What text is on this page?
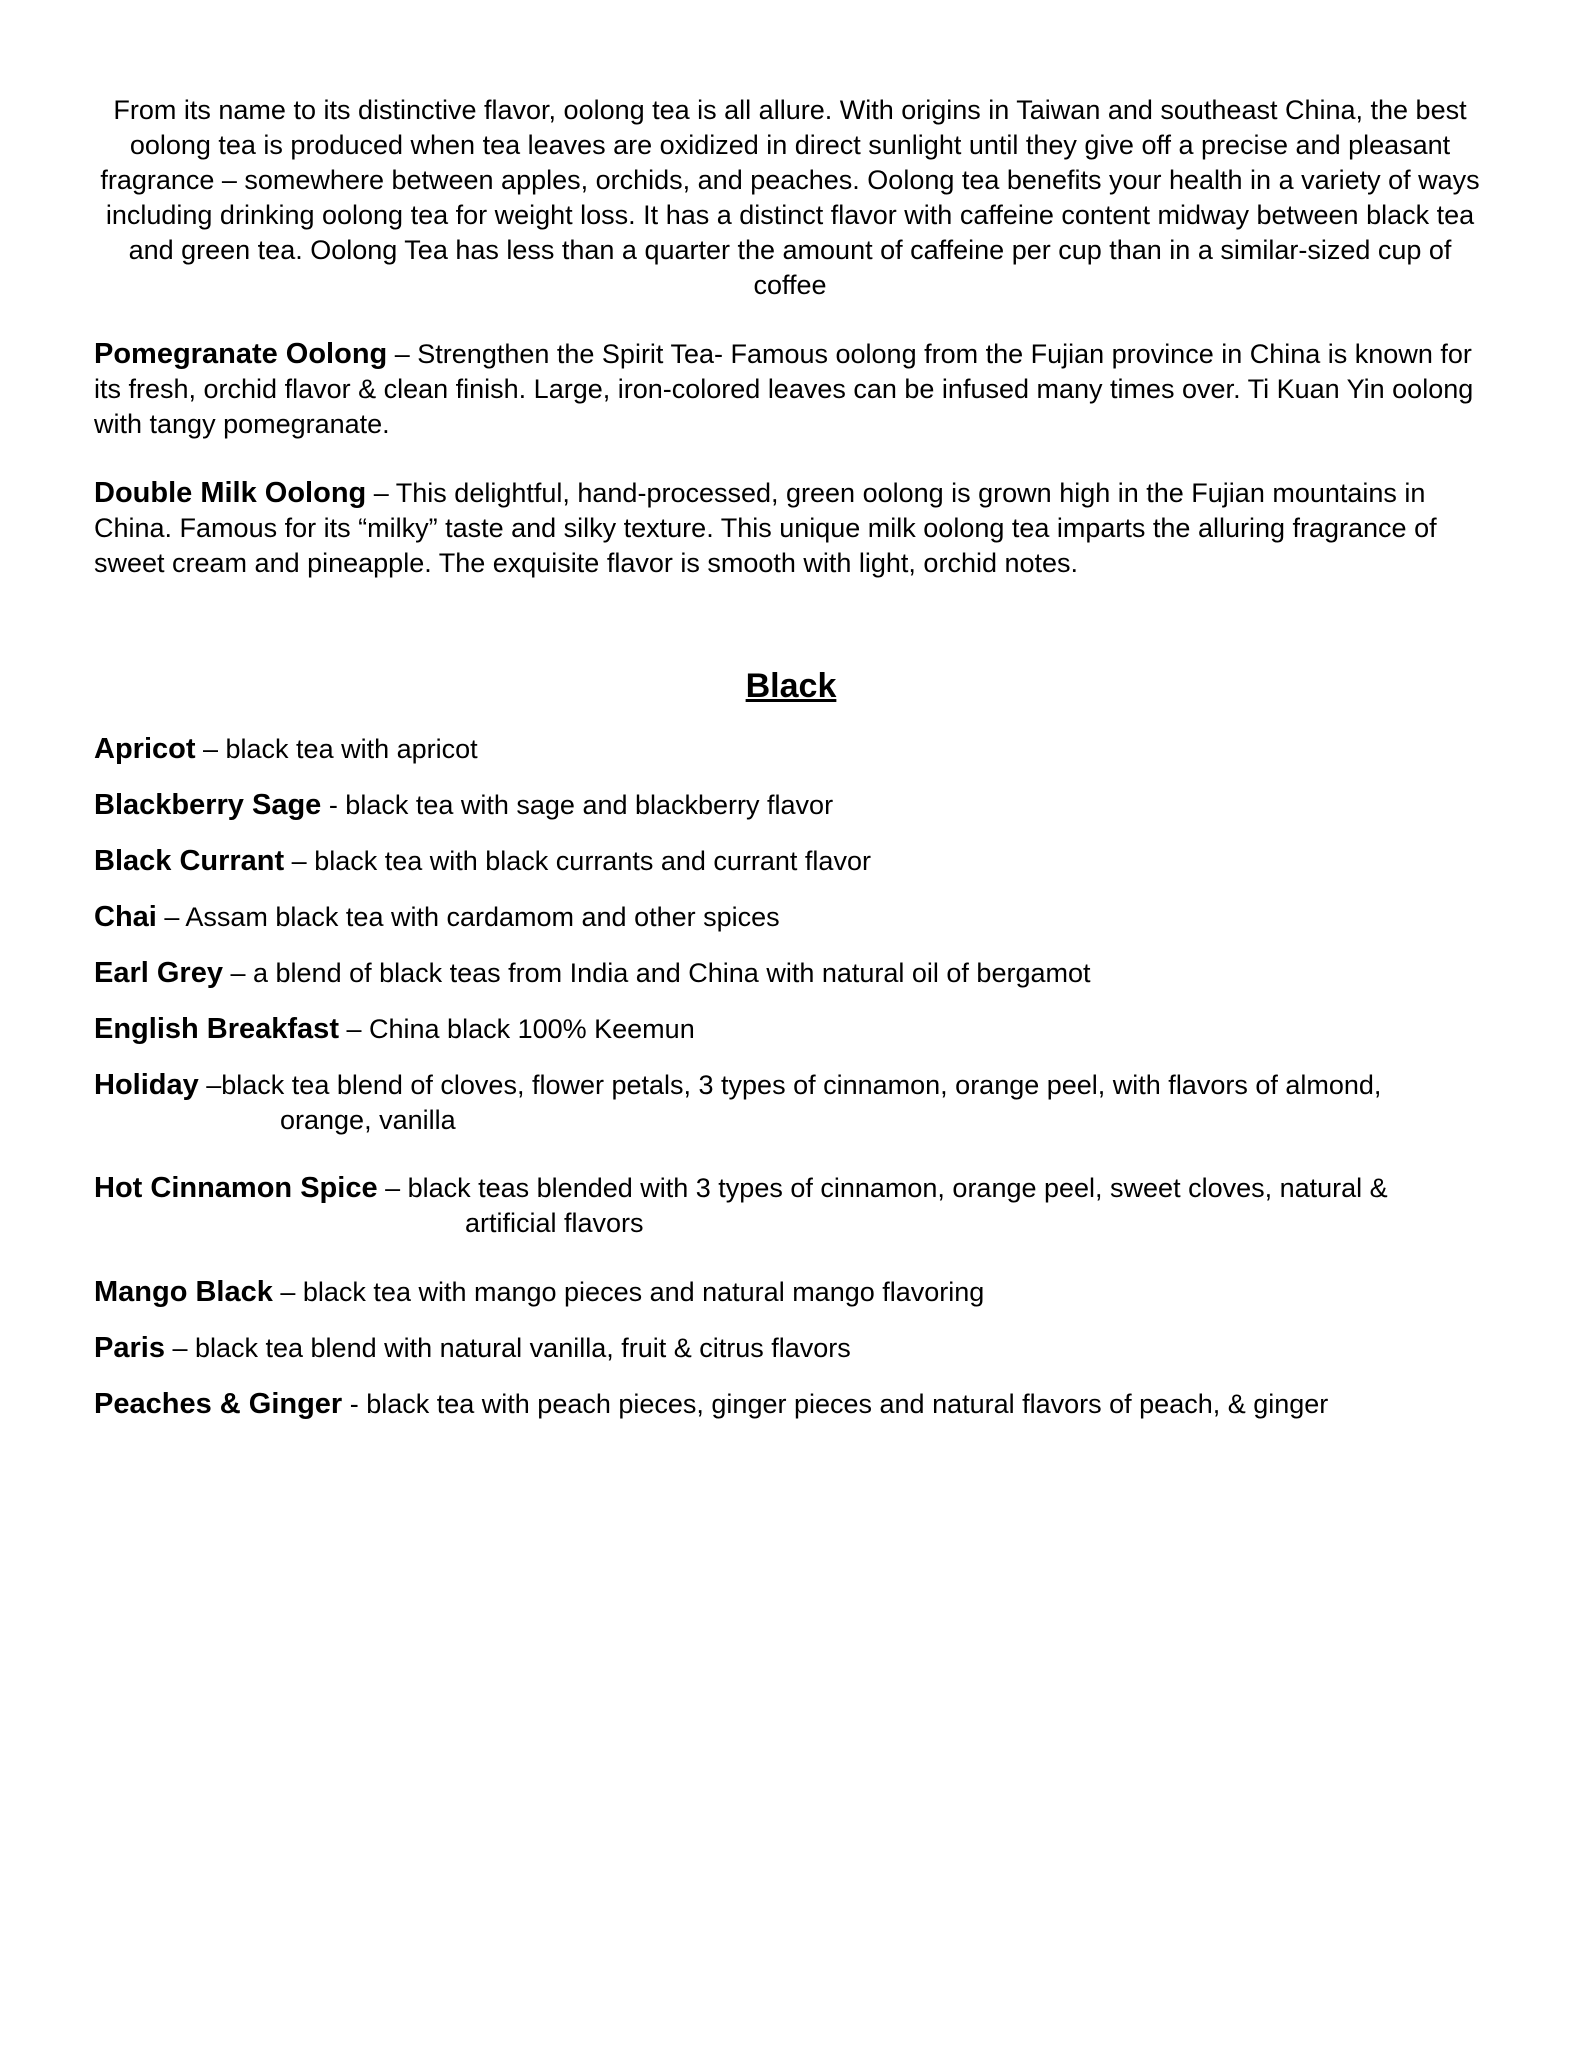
From its name to its distinctive flavor, oolong tea is all allure. With origins in Taiwan and southeast China, the best oolong tea is produced when tea leaves are oxidized in direct sunlight until they give off a precise and pleasant fragrance – somewhere between apples, orchids, and peaches. Oolong tea benefits your health in a variety of ways including drinking oolong tea for weight loss. It has a distinct flavor with caffeine content midway between black tea and green tea. Oolong Tea has less than a quarter the amount of caffeine per cup than in a similar-sized cup of coffee

Pomegranate Oolong – Strengthen the Spirit Tea- Famous oolong from the Fujian province in China is known for its fresh, orchid flavor & clean finish. Large, iron-colored leaves can be infused many times over. Ti Kuan Yin oolong with tangy pomegranate.

Double Milk Oolong – This delightful, hand-processed, green oolong is grown high in the Fujian mountains in China. Famous for its “milky” taste and silky texture. This unique milk oolong tea imparts the alluring fragrance of sweet cream and pineapple. The exquisite flavor is smooth with light, orchid notes.

Black

Apricot – black tea with apricot

Blackberry Sage - black tea with sage and blackberry flavor

Black Currant – black tea with black currants and currant flavor

Chai – Assam black tea with cardamom and other spices

Earl Grey – a blend of black teas from India and China with natural oil of bergamot

English Breakfast – China black 100% Keemun

Holiday –black tea blend of cloves, flower petals, 3 types of cinnamon, orange peel, with flavors of almond,
orange, vanilla

Hot Cinnamon Spice – black teas blended with 3 types of cinnamon, orange peel, sweet cloves, natural &
artificial flavors

Mango Black – black tea with mango pieces and natural mango flavoring

Paris – black tea blend with natural vanilla, fruit & citrus flavors

Peaches & Ginger - black tea with peach pieces, ginger pieces and natural flavors of peach, & ginger
